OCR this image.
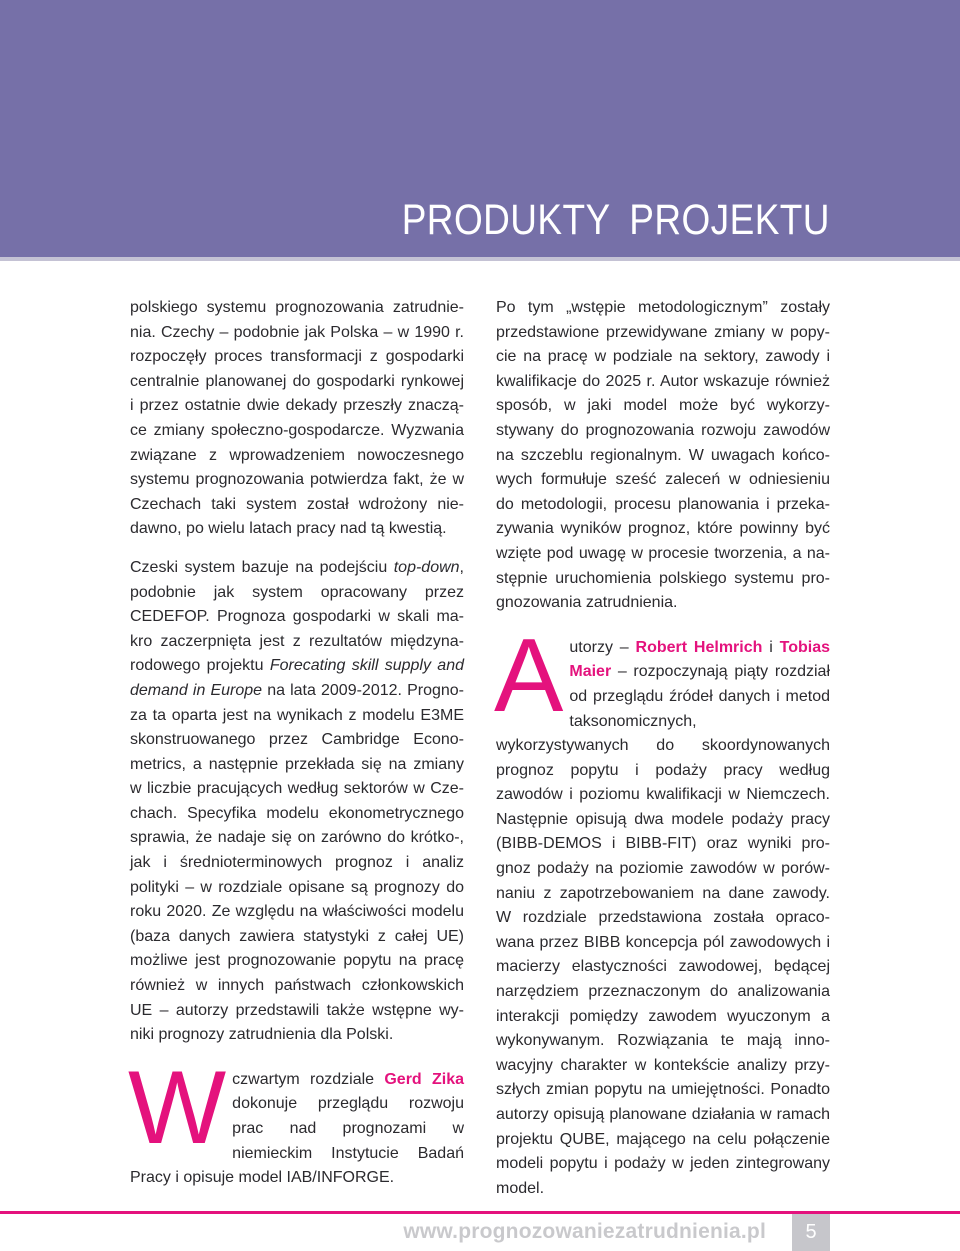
PRODUKTY PROJEKTU

polskiego systemu prognozowania zatrudnienia. Czechy – podobnie jak Polska – w 1990 r. rozpoczęły proces transformacji z gospodarki centralnie planowanej do gospodarki rynkowej i przez ostatnie dwie dekady przeszły znaczące zmiany społeczno-gospodarcze. Wyzwania związane z wprowadzeniem nowoczesnego systemu prognozowania potwierdza fakt, że w Czechach taki system został wdrożony niedawno, po wielu latach pracy nad tą kwestią.

Czeski system bazuje na podejściu top-down, podobnie jak system opracowany przez CEDEFOP. Prognoza gospodarki w skali makro zaczerpnięta jest z rezultatów międzynarodowego projektu Forecating skill supply and demand in Europe na lata 2009-2012. Prognoza ta oparta jest na wynikach z modelu E3ME skonstruowanego przez Cambridge Econometrics, a następnie przekłada się na zmiany w liczbie pracujących według sektorów w Czechach. Specyfika modelu ekonometrycznego sprawia, że nadaje się on zarówno do krótko-, jak i średnioterminowych prognoz i analiz polityki – w rozdziale opisane są prognozy do roku 2020. Ze względu na właściwości modelu (baza danych zawiera statystyki z całej UE) możliwe jest prognozowanie popytu na pracę również w innych państwach członkowskich UE – autorzy przedstawili także wstępne wyniki prognozy zatrudnienia dla Polski.

Wczwartym rozdziale Gerd Zika dokonuje przeglądu rozwoju prac nad prognozami w niemieckim Instytucie Badań Pracy i opisuje model IAB/INFORGE.

Po tym „wstępie metodologicznym” zostały przedstawione przewidywane zmiany w popycie na pracę w podziale na sektory, zawody i kwalifikacje do 2025 r. Autor wskazuje również sposób, w jaki model może być wykorzystywany do prognozowania rozwoju zawodów na szczeblu regionalnym. W uwagach końcowych formułuje sześć zaleceń w odniesieniu do metodologii, procesu planowania i przekazywania wyników prognoz, które powinny być wzięte pod uwagę w procesie tworzenia, a następnie uruchomienia polskiego systemu prognozowania zatrudnienia.

Autorzy – Robert Helmrich i Tobias Maier – rozpoczynają piąty rozdział od przeglądu źródeł danych i metod taksonomicznych, wykorzystywanych do skoordynowanych prognoz popytu i podaży pracy według zawodów i poziomu kwalifikacji w Niemczech. Następnie opisują dwa modele podaży pracy (BIBB-DEMOS i BIBB-FIT) oraz wyniki prognoz podaży na poziomie zawodów w porównaniu z zapotrzebowaniem na dane zawody. W rozdziale przedstawiona została opracowana przez BIBB koncepcja pól zawodowych i macierzy elastyczności zawodowej, będącej narzędziem przeznaczonym do analizowania interakcji pomiędzy zawodem wyuczonym a wykonywanym. Rozwiązania te mają innowacyjny charakter w kontekście analizy przyszłych zmian popytu na umiejętności. Ponadto autorzy opisują planowane działania w ramach projektu QUBE, mającego na celu połączenie modeli popytu i podaży w jeden zintegrowany model.

www.prognozowaniezatrudnienia.pl	5
